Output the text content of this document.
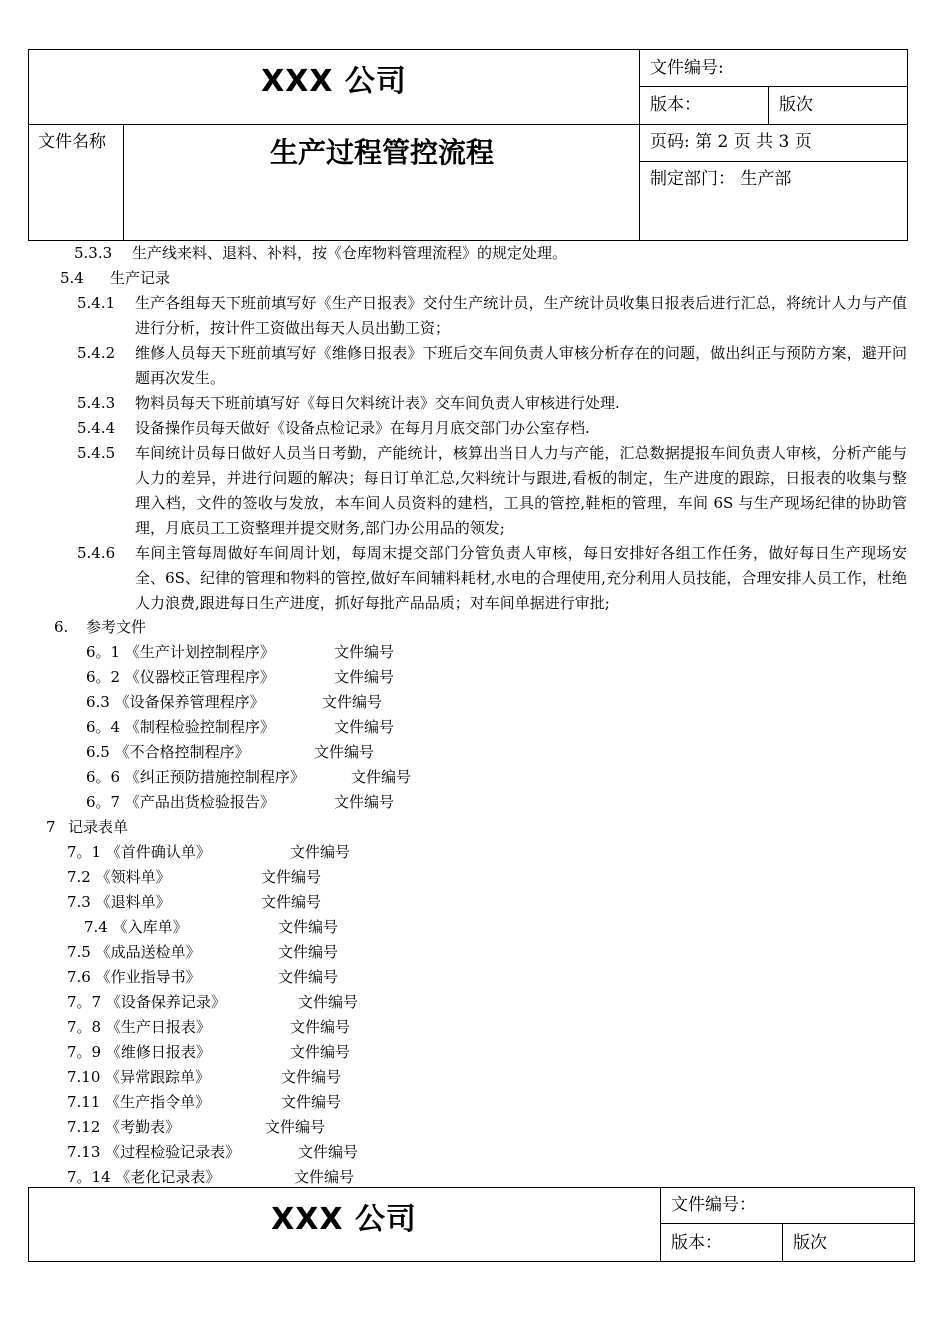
XXX 公司	文件编号:
版本：	版次
文件名称	生产过程管控流程	页码: 第 2 页 共 3 页
制定部门： 生产部
5.3.3 生产线来料、退料、补料，按《仓库物料管理流程》的规定处理。
5.4 生产记录
5.4.1 生产各组每天下班前填写好《生产日报表》交付生产统计员，生产统计员收集日报表后进行汇总，将统计人力与产值进行分析，按计件工资做出每天人员出勤工资；
5.4.2 维修人员每天下班前填写好《维修日报表》下班后交车间负责人审核分析存在的问题，做出纠正与预防方案，避开问题再次发生。
5.4.3 物料员每天下班前填写好《每日欠料统计表》交车间负责人审核进行处理.
5.4.4 设备操作员每天做好《设备点检记录》在每月月底交部门办公室存档.
5.4.5 车间统计员每日做好人员当日考勤，产能统计，核算出当日人力与产能，汇总数据提报车间负责人审核，分析产能与人力的差异，并进行问题的解决；每日订单汇总,欠料统计与跟进,看板的制定，生产进度的跟踪，日报表的收集与整理入档，文件的签收与发放，本车间人员资料的建档，工具的管控,鞋柜的管理，车间 6S 与生产现场纪律的协助管理，月底员工工资整理并提交财务,部门办公用品的领发;
5.4.6 车间主管每周做好车间周计划，每周末提交部门分管负责人审核，每日安排好各组工作任务，做好每日生产现场安全、6S、纪律的管理和物料的管控,做好车间辅料耗材,水电的合理使用,充分利用人员技能，合理安排人员工作，杜绝人力浪费,跟进每日生产进度，抓好每批产品品质；对车间单据进行审批;
6. 参考文件
6。1 《生产计划控制程序》	文件编号
6。2 《仪器校正管理程序》	文件编号
6.3 《设备保养管理程序》	文件编号
6。4 《制程检验控制程序》	文件编号
6.5 《不合格控制程序》	文件编号
6。6 《纠正预防措施控制程序》	文件编号
6。7 《产品出货检验报告》	文件编号
7 记录表单
7。1 《首件确认单》	文件编号
7.2 《领料单》	文件编号
7.3 《退料单》	文件编号
7.4 《入库单》	文件编号
7.5 《成品送检单》	文件编号
7.6 《作业指导书》	文件编号
7。7 《设备保养记录》	文件编号
7。8 《生产日报表》	文件编号
7。9 《维修日报表》	文件编号
7.10 《异常跟踪单》	文件编号
7.11 《生产指令单》	文件编号
7.12 《考勤表》	文件编号
7.13 《过程检验记录表》	文件编号
7。14 《老化记录表》	文件编号
XXX 公司	文件编号：
版本：	版次
